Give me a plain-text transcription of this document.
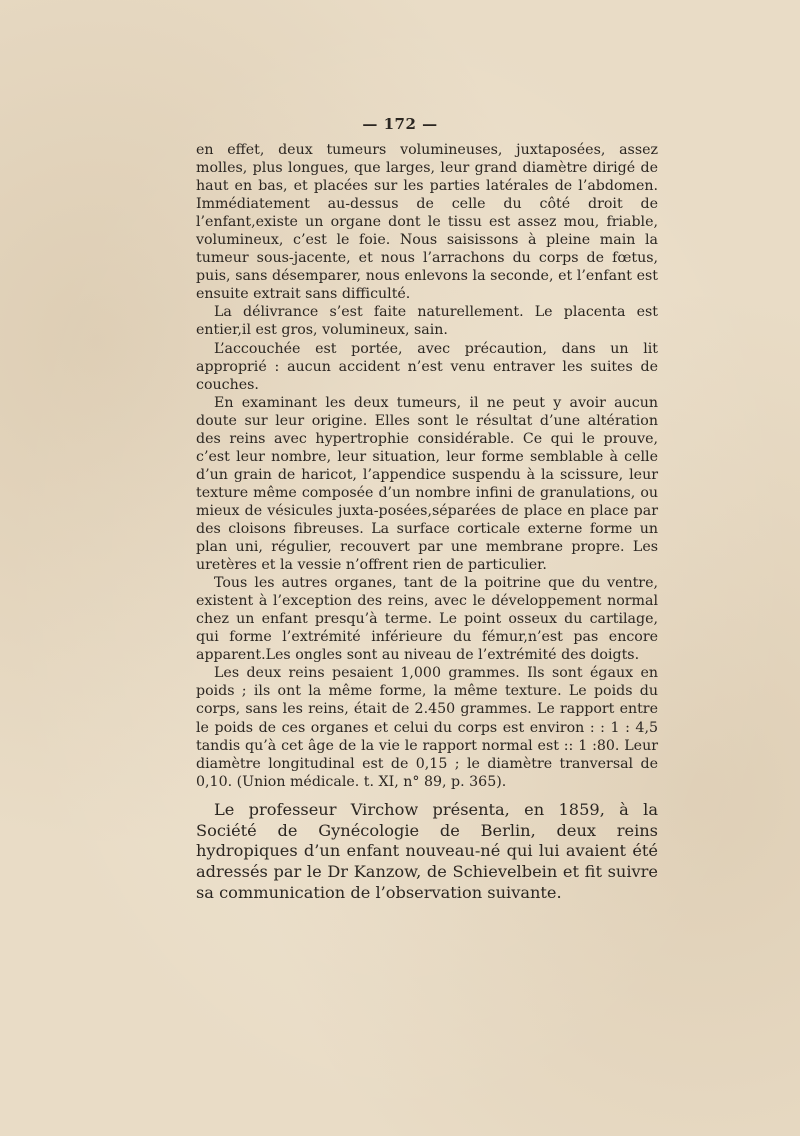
— 172 —

en effet, deux tumeurs volumineuses, juxtaposées, assez molles, plus longues, que larges, leur grand diamètre dirigé de haut en bas, et placées sur les parties latérales de l’abdomen. Immédiatement au-dessus de celle du côté droit de l’enfant,existe un organe dont le tissu est assez mou, friable, volumineux, c’est le foie. Nous saisissons à pleine main la tumeur sous-jacente, et nous l’arrachons du corps de fœtus, puis, sans désemparer, nous enlevons la seconde, et l’enfant est ensuite extrait sans difficulté.

La délivrance s’est faite naturellement. Le placenta est entier,il est gros, volumineux, sain.

L’accouchée est portée, avec précaution, dans un lit approprié : aucun accident n’est venu entraver les suites de couches.

En examinant les deux tumeurs, il ne peut y avoir aucun doute sur leur origine. Elles sont le résultat d’une altération des reins avec hypertrophie considérable. Ce qui le prouve, c’est leur nombre, leur situation, leur forme semblable à celle d’un grain de haricot, l’appendice suspendu à la scissure, leur texture même composée d’un nombre infini de granulations, ou mieux de vésicules juxta-posées,séparées de place en place par des cloisons fibreuses. La surface corticale externe forme un plan uni, régulier, recouvert par une membrane propre. Les uretères et la vessie n’offrent rien de particulier.

Tous les autres organes, tant de la poitrine que du ventre, existent à l’exception des reins, avec le développement normal chez un enfant presqu’à terme. Le point osseux du cartilage, qui forme l’extrémité inférieure du fémur,n’est pas encore apparent.Les ongles sont au niveau de l’extrémité des doigts.

Les deux reins pesaient 1,000 grammes. Ils sont égaux en poids ; ils ont la même forme, la même texture. Le poids du corps, sans les reins, était de 2.450 grammes. Le rapport entre le poids de ces organes et celui du corps est environ : : 1 : 4,5 tandis qu’à cet âge de la vie le rapport normal est :: 1 :80. Leur diamètre longitudinal est de 0,15 ; le diamètre tranversal de 0,10. (Union médicale. t. XI, n° 89, p. 365).

Le professeur Virchow présenta, en 1859, à la Société de Gynécologie de Berlin, deux reins hydropiques d’un enfant nouveau-né qui lui avaient été adressés par le Dr Kanzow, de Schievelbein et fit suivre sa communication de l’observation suivante.
